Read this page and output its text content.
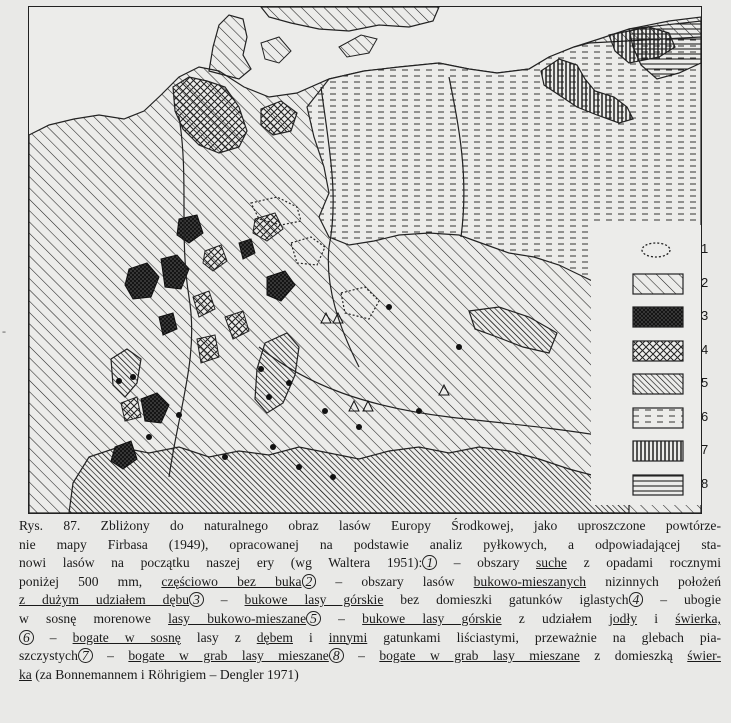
1
2
3
4
5
6
7
8
-
Rys. 87. Zbliżony do naturalnego obraz lasów Europy Środkowej, jako uproszczone powtórze-
nie mapy Firbasa (1949), opracowanej na podstawie analiz pyłkowych, a odpowiadającej sta-
nowi lasów na początku naszej ery (wg Waltera 1951): 1 – obszary suche z opadami rocznymi
poniżej 500 mm, częściowo bez buka 2 – obszary lasów bukowo-mieszanych nizinnych położeń
z dużym udziałem dębu 3 – bukowe lasy górskie bez domieszki gatunków iglastych 4 – ubogie
w sosnę morenowe lasy bukowo-mieszane 5 – bukowe lasy górskie z udziałem jodły i świerka,
6 – bogate w sosnę lasy z dębem i innymi gatunkami liściastymi, przeważnie na glebach pia-
szczystych 7 – bogate w grab lasy mieszane 8 – bogate w grab lasy mieszane z domieszką świer-
ka (za Bonnemannem i Röhrigiem – Dengler 1971)
